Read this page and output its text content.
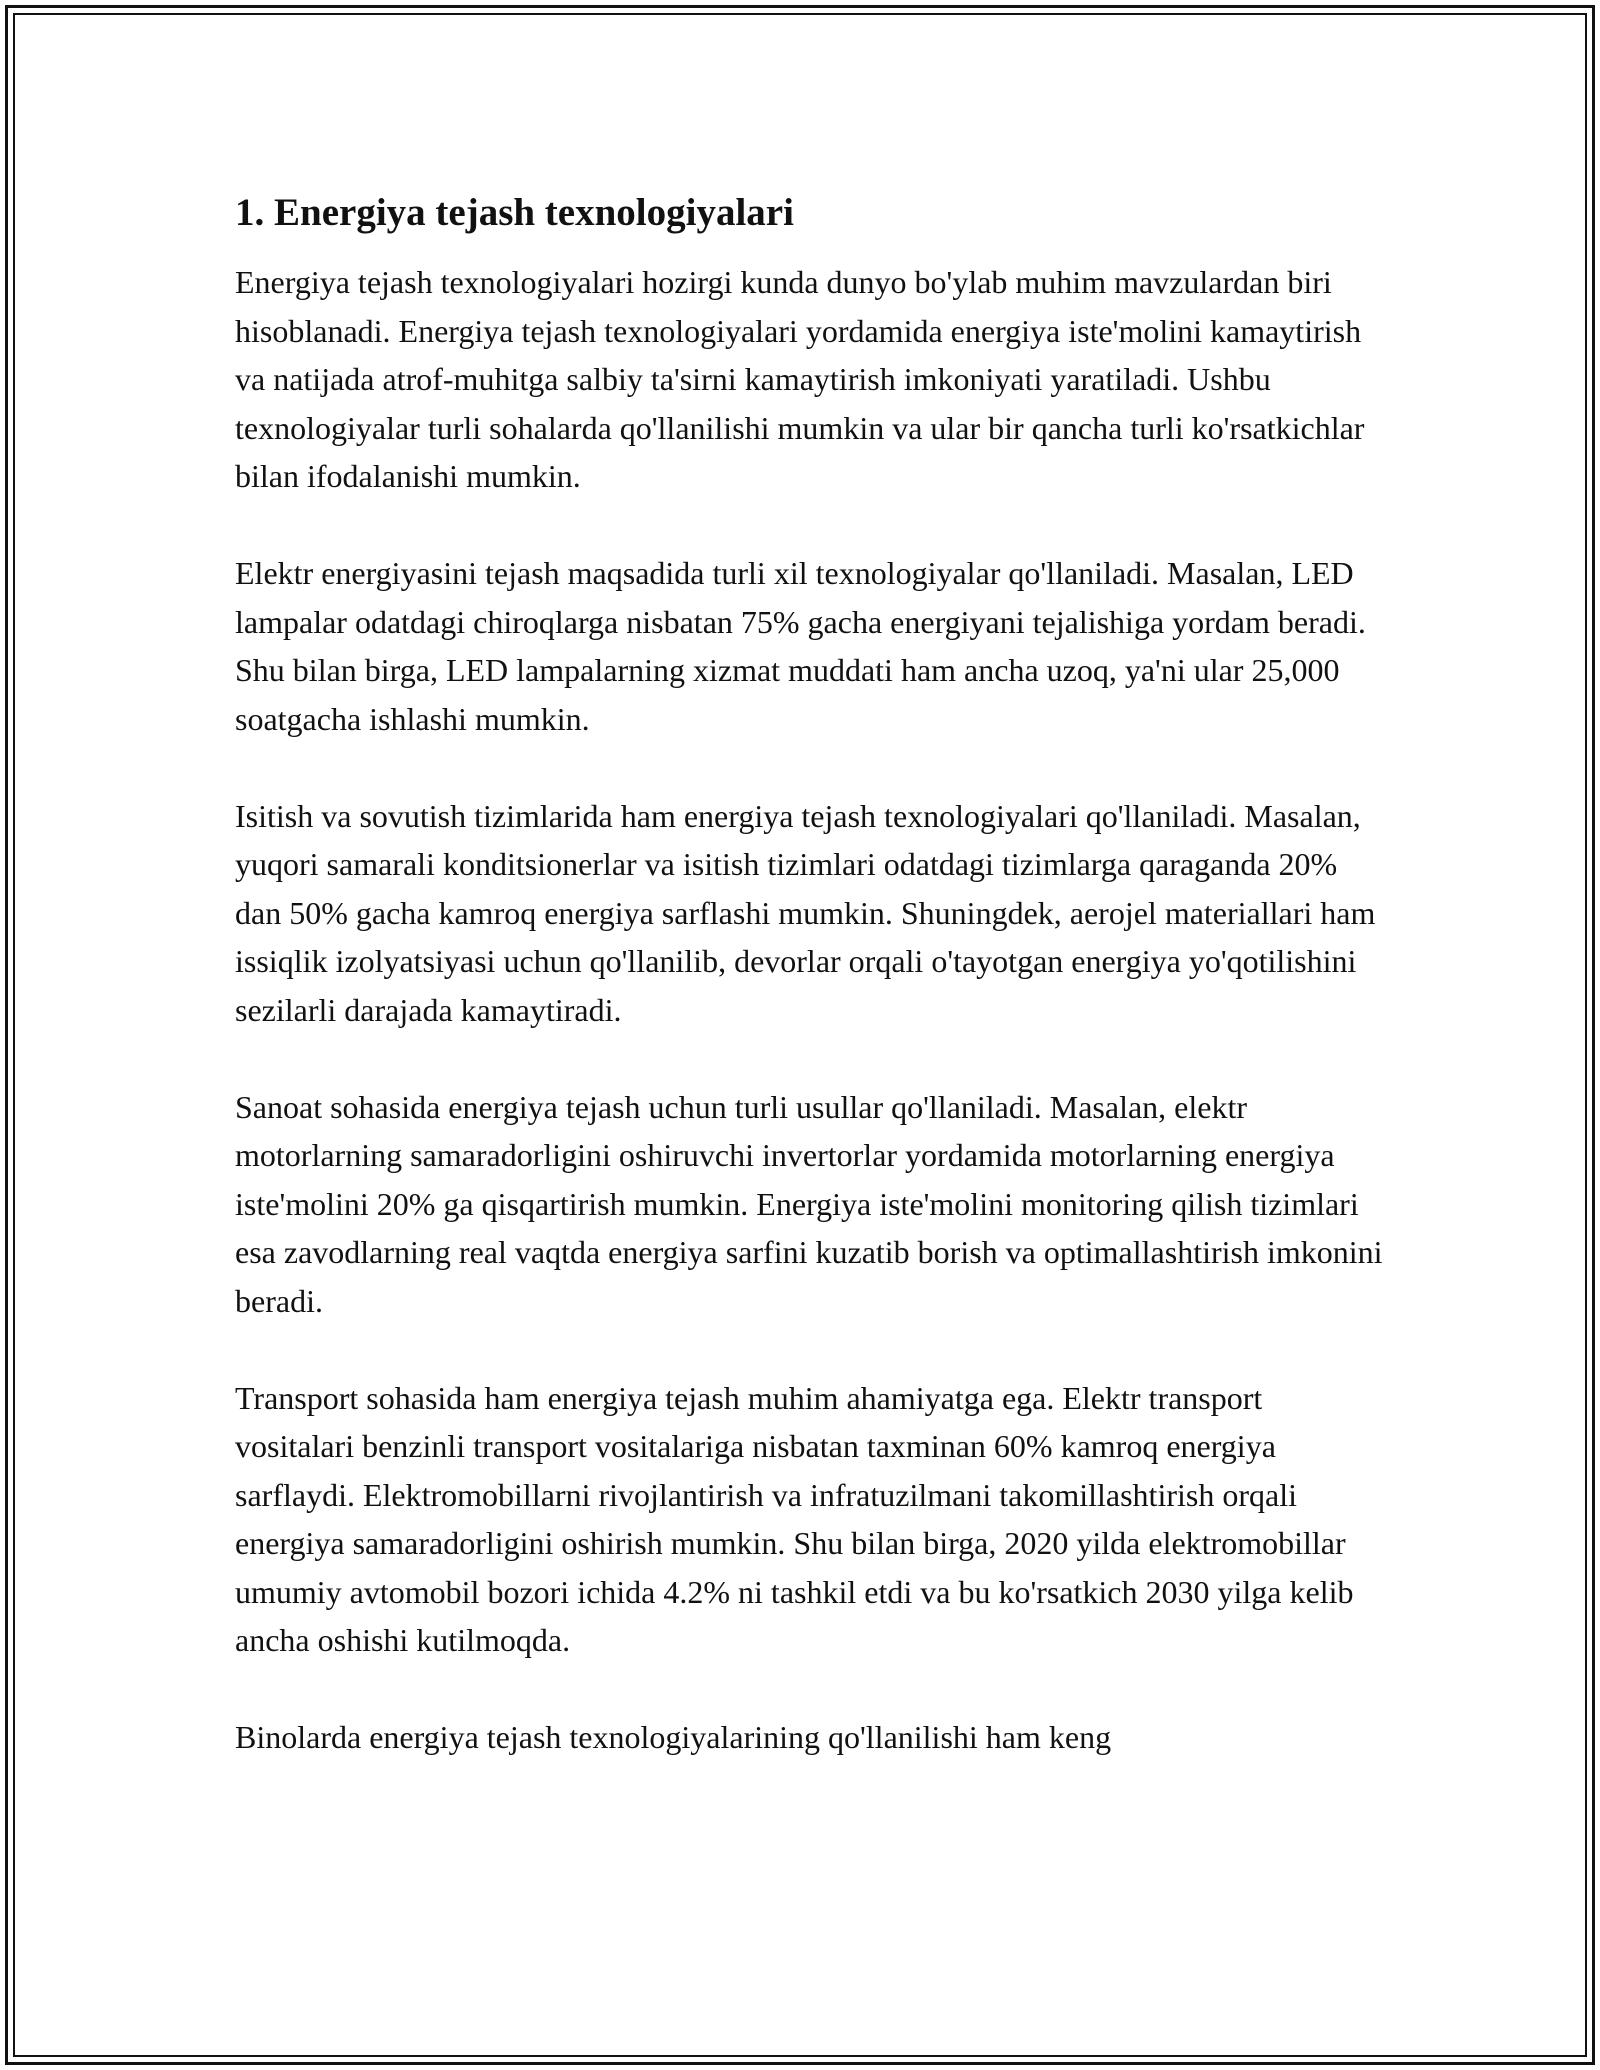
1. Energiya tejash texnologiyalari

Energiya tejash texnologiyalari hozirgi kunda dunyo bo'ylab muhim mavzulardan biri hisoblanadi. Energiya tejash texnologiyalari yordamida energiya iste'molini kamaytirish va natijada atrof-muhitga salbiy ta'sirni kamaytirish imkoniyati yaratiladi. Ushbu texnologiyalar turli sohalarda qo'llanilishi mumkin va ular bir qancha turli ko'rsatkichlar bilan ifodalanishi mumkin.

Elektr energiyasini tejash maqsadida turli xil texnologiyalar qo'llaniladi. Masalan, LED lampalar odatdagi chiroqlarga nisbatan 75% gacha energiyani tejalishiga yordam beradi. Shu bilan birga, LED lampalarning xizmat muddati ham ancha uzoq, ya'ni ular 25,000 soatgacha ishlashi mumkin.

Isitish va sovutish tizimlarida ham energiya tejash texnologiyalari qo'llaniladi. Masalan, yuqori samarali konditsionerlar va isitish tizimlari odatdagi tizimlarga qaraganda 20% dan 50% gacha kamroq energiya sarflashi mumkin. Shuningdek, aerojel materiallari ham issiqlik izolyatsiyasi uchun qo'llanilib, devorlar orqali o'tayotgan energiya yo'qotilishini sezilarli darajada kamaytiradi.

Sanoat sohasida energiya tejash uchun turli usullar qo'llaniladi. Masalan, elektr motorlarning samaradorligini oshiruvchi invertorlar yordamida motorlarning energiya iste'molini 20% ga qisqartirish mumkin. Energiya iste'molini monitoring qilish tizimlari esa zavodlarning real vaqtda energiya sarfini kuzatib borish va optimallashtirish imkonini beradi.

Transport sohasida ham energiya tejash muhim ahamiyatga ega. Elektr transport vositalari benzinli transport vositalariga nisbatan taxminan 60% kamroq energiya sarflaydi. Elektromobillarni rivojlantirish va infratuzilmani takomillashtirish orqali energiya samaradorligini oshirish mumkin. Shu bilan birga, 2020 yilda elektromobillar umumiy avtomobil bozori ichida 4.2% ni tashkil etdi va bu ko'rsatkich 2030 yilga kelib ancha oshishi kutilmoqda.

Binolarda energiya tejash texnologiyalarining qo'llanilishi ham keng
